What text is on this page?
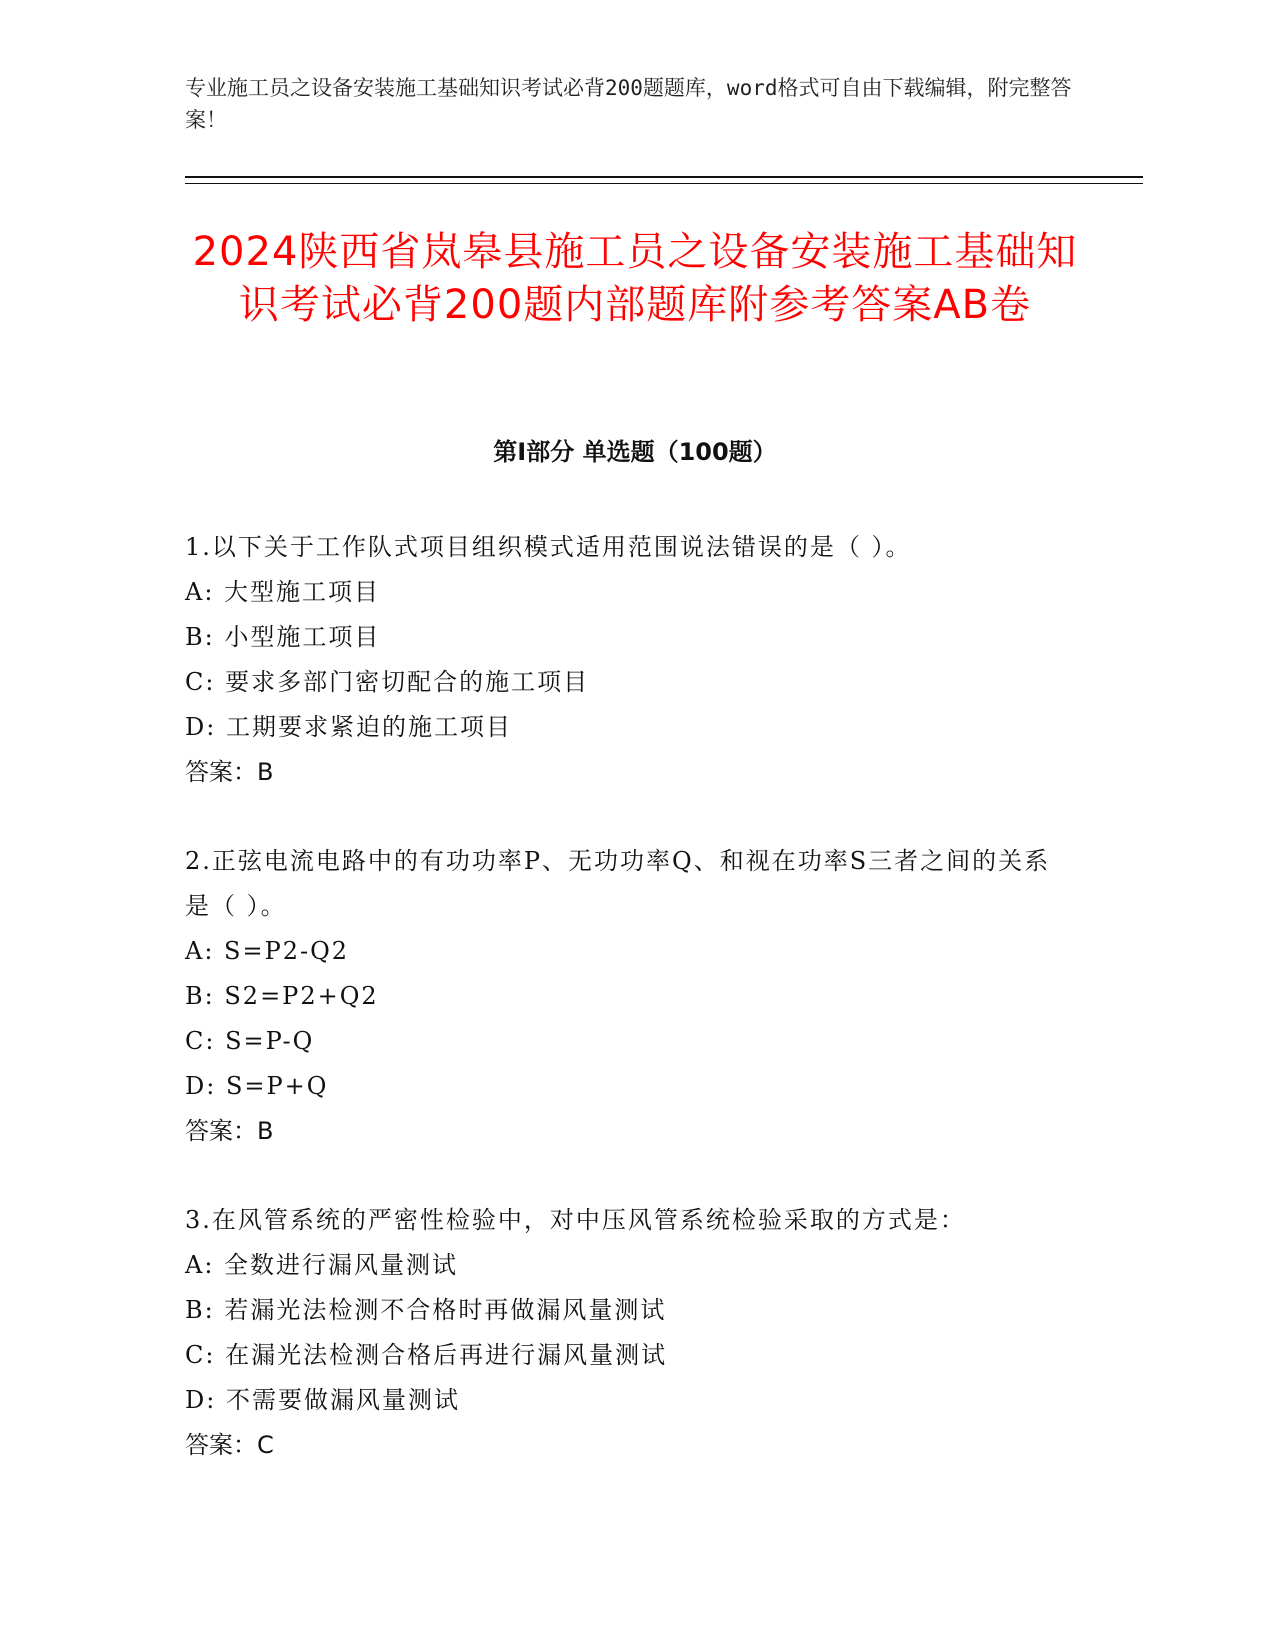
专业施工员之设备安装施工基础知识考试必背200题题库，word格式可自由下载编辑，附完整答案！

2024陕西省岚皋县施工员之设备安装施工基础知识考试必背200题内部题库附参考答案AB卷
第I部分 单选题（100题）

1.以下关于工作队式项目组织模式适用范围说法错误的是（ ）。

A: 大型施工项目

B: 小型施工项目

C: 要求多部门密切配合的施工项目

D: 工期要求紧迫的施工项目

答案：B

2.正弦电流电路中的有功功率P、无功功率Q、和视在功率S三者之间的关系是（ ）。

A: S=P2-Q2

B: S2=P2+Q2

C: S=P-Q

D: S=P+Q

答案：B

3.在风管系统的严密性检验中，对中压风管系统检验采取的方式是：

A: 全数进行漏风量测试

B: 若漏光法检测不合格时再做漏风量测试

C: 在漏光法检测合格后再进行漏风量测试

D: 不需要做漏风量测试

答案：C
